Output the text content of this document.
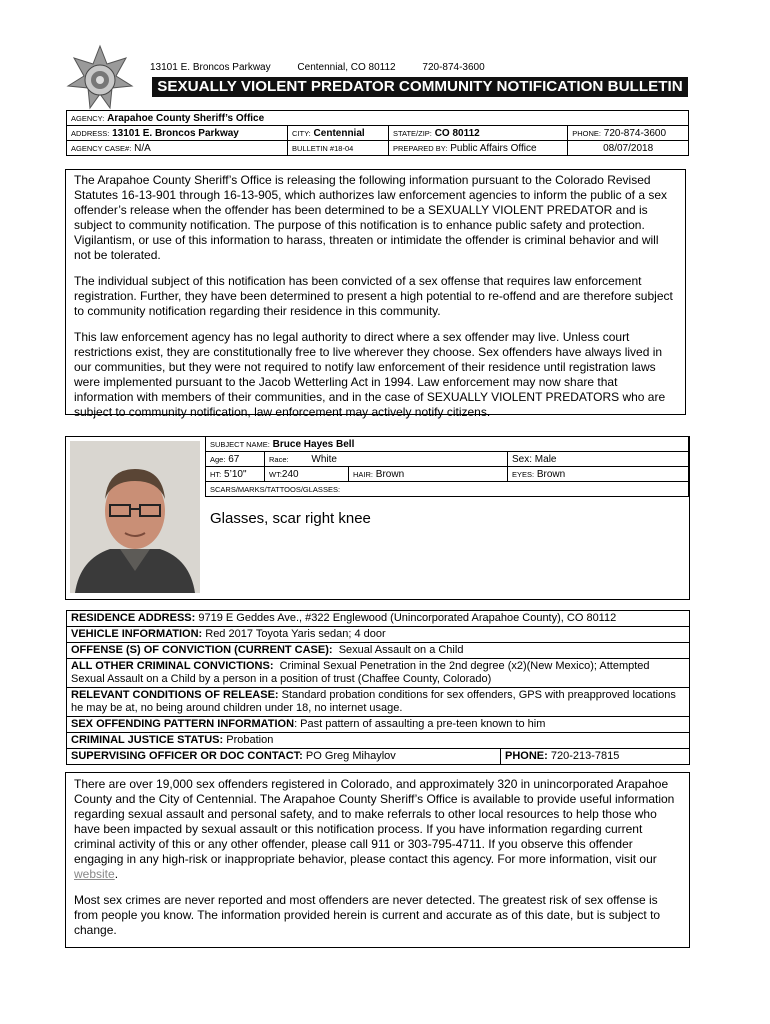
13101 E. Broncos Parkway	Centennial, CO 80112	720-874-3600
SEXUALLY VIOLENT PREDATOR COMMUNITY NOTIFICATION BULLETIN
AGENCY: Arapahoe County Sheriff’s Office			
ADDRESS: 13101 E. Broncos Parkway	CITY: Centennial	STATE/ZIP: CO 80112	PHONE: 720-874-3600
AGENCY CASE#: N/A	BULLETIN #18-04	PREPARED BY: Public Affairs Office	08/07/2018

The Arapahoe County Sheriff’s Office is releasing the following information pursuant to the Colorado Revised Statutes 16-13-901 through 16-13-905, which authorizes law enforcement agencies to inform the public of a sex offender’s release when the offender has been determined to be a SEXUALLY VIOLENT PREDATOR and is subject to community notification. The purpose of this notification is to enhance public safety and protection. Vigilantism, or use of this information to harass, threaten or intimidate the offender is criminal behavior and will not be tolerated.

The individual subject of this notification has been convicted of a sex offense that requires law enforcement registration. Further, they have been determined to present a high potential to re-offend and are therefore subject to community notification regarding their residence in this community.

This law enforcement agency has no legal authority to direct where a sex offender may live. Unless court restrictions exist, they are constitutionally free to live wherever they choose. Sex offenders have always lived in our communities, but they were not required to notify law enforcement of their residence until registration laws were implemented pursuant to the Jacob Wetterling Act in 1994. Law enforcement may now share that information with members of their communities, and in the case of SEXUALLY VIOLENT PREDATORS who are subject to community notification, law enforcement may actively notify citizens.

SUBJECT NAME: Bruce Hayes Bell			
Age: 67	Race: White		Sex: Male
HT: 5’10"	WT:240	HAIR: Brown	EYES: Brown
SCARS/MARKS/TATTOOS/GLASSES:			
Glasses, scar right knee
RESIDENCE ADDRESS: 9719 E Geddes Ave., #322 Englewood (Unincorporated Arapahoe County), CO 80112
VEHICLE INFORMATION: Red 2017 Toyota Yaris sedan; 4 door
OFFENSE (S) OF CONVICTION (CURRENT CASE): Sexual Assault on a Child
ALL OTHER CRIMINAL CONVICTIONS: Criminal Sexual Penetration in the 2nd degree (x2)(New Mexico); Attempted Sexual Assault on a Child by a person in a position of trust (Chaffee County, Colorado)
RELEVANT CONDITIONS OF RELEASE: Standard probation conditions for sex offenders, GPS with preapproved locations he may be at, no being around children under 18, no internet usage.
SEX OFFENDING PATTERN INFORMATION: Past pattern of assaulting a pre-teen known to him
CRIMINAL JUSTICE STATUS: Probation
SUPERVISING OFFICER OR DOC CONTACT: PO Greg Mihaylov	PHONE: 720-213-7815

There are over 19,000 sex offenders registered in Colorado, and approximately 320 in unincorporated Arapahoe County and the City of Centennial. The Arapahoe County Sheriff’s Office is available to provide useful information regarding sexual assault and personal safety, and to make referrals to other local resources to help those who have been impacted by sexual assault or this notification process. If you have information regarding current criminal activity of this or any other offender, please call 911 or 303-795-4711. If you observe this offender engaging in any high-risk or inappropriate behavior, please contact this agency. For more information, visit our website.

Most sex crimes are never reported and most offenders are never detected. The greatest risk of sex offense is from people you know. The information provided herein is current and accurate as of this date, but is subject to change.
